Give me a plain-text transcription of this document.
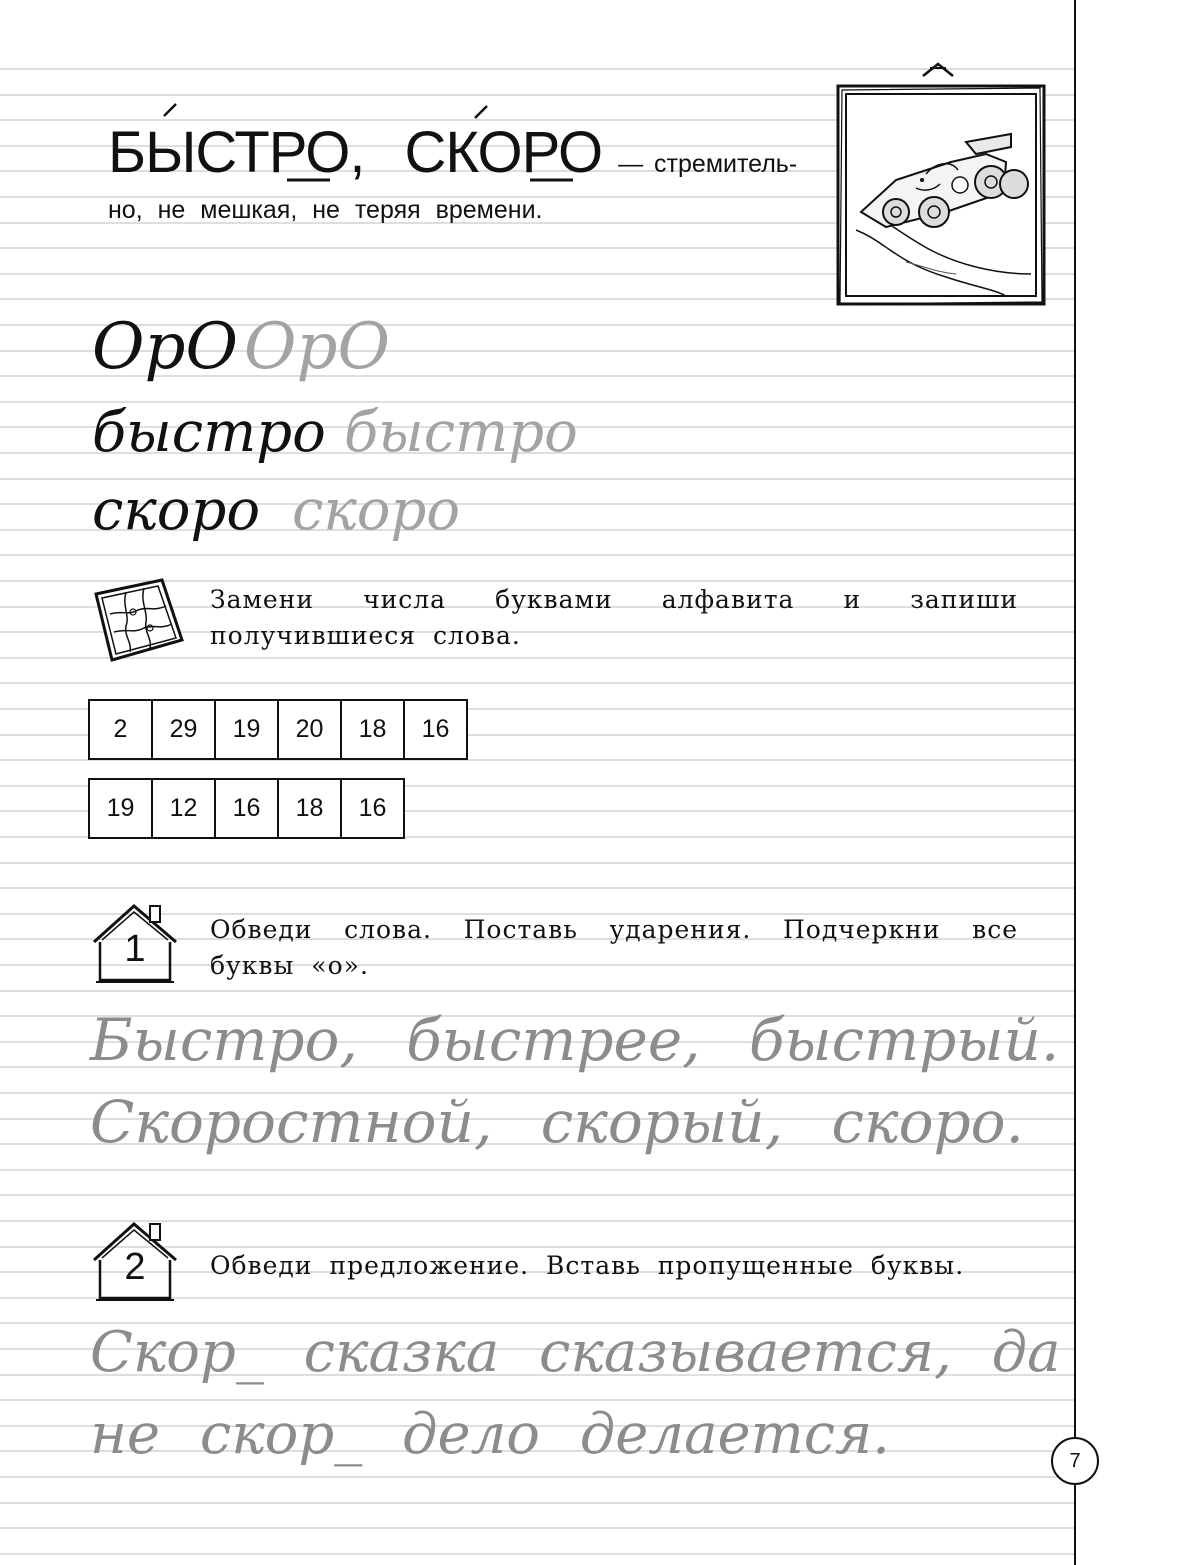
БЫСТРО, СКОРО — стремитель-
но, не мешкая, не теряя времени.
ОрО ОрО
быстро быстро
скоро скоро
Замени числа буквами алфавита и запиши получившиеся слова.
2	29	19	20	18	16
19	12	16	18	16
1	Обведи слова. Поставь ударения. Подчеркни все буквы «о».
Быстро, быстрее, быстрый.
Скоростной, скорый, скоро.
2	Обведи предложение. Вставь пропущенные буквы.
Скор_ сказка сказывается, да
не скор_ дело делается.	7
